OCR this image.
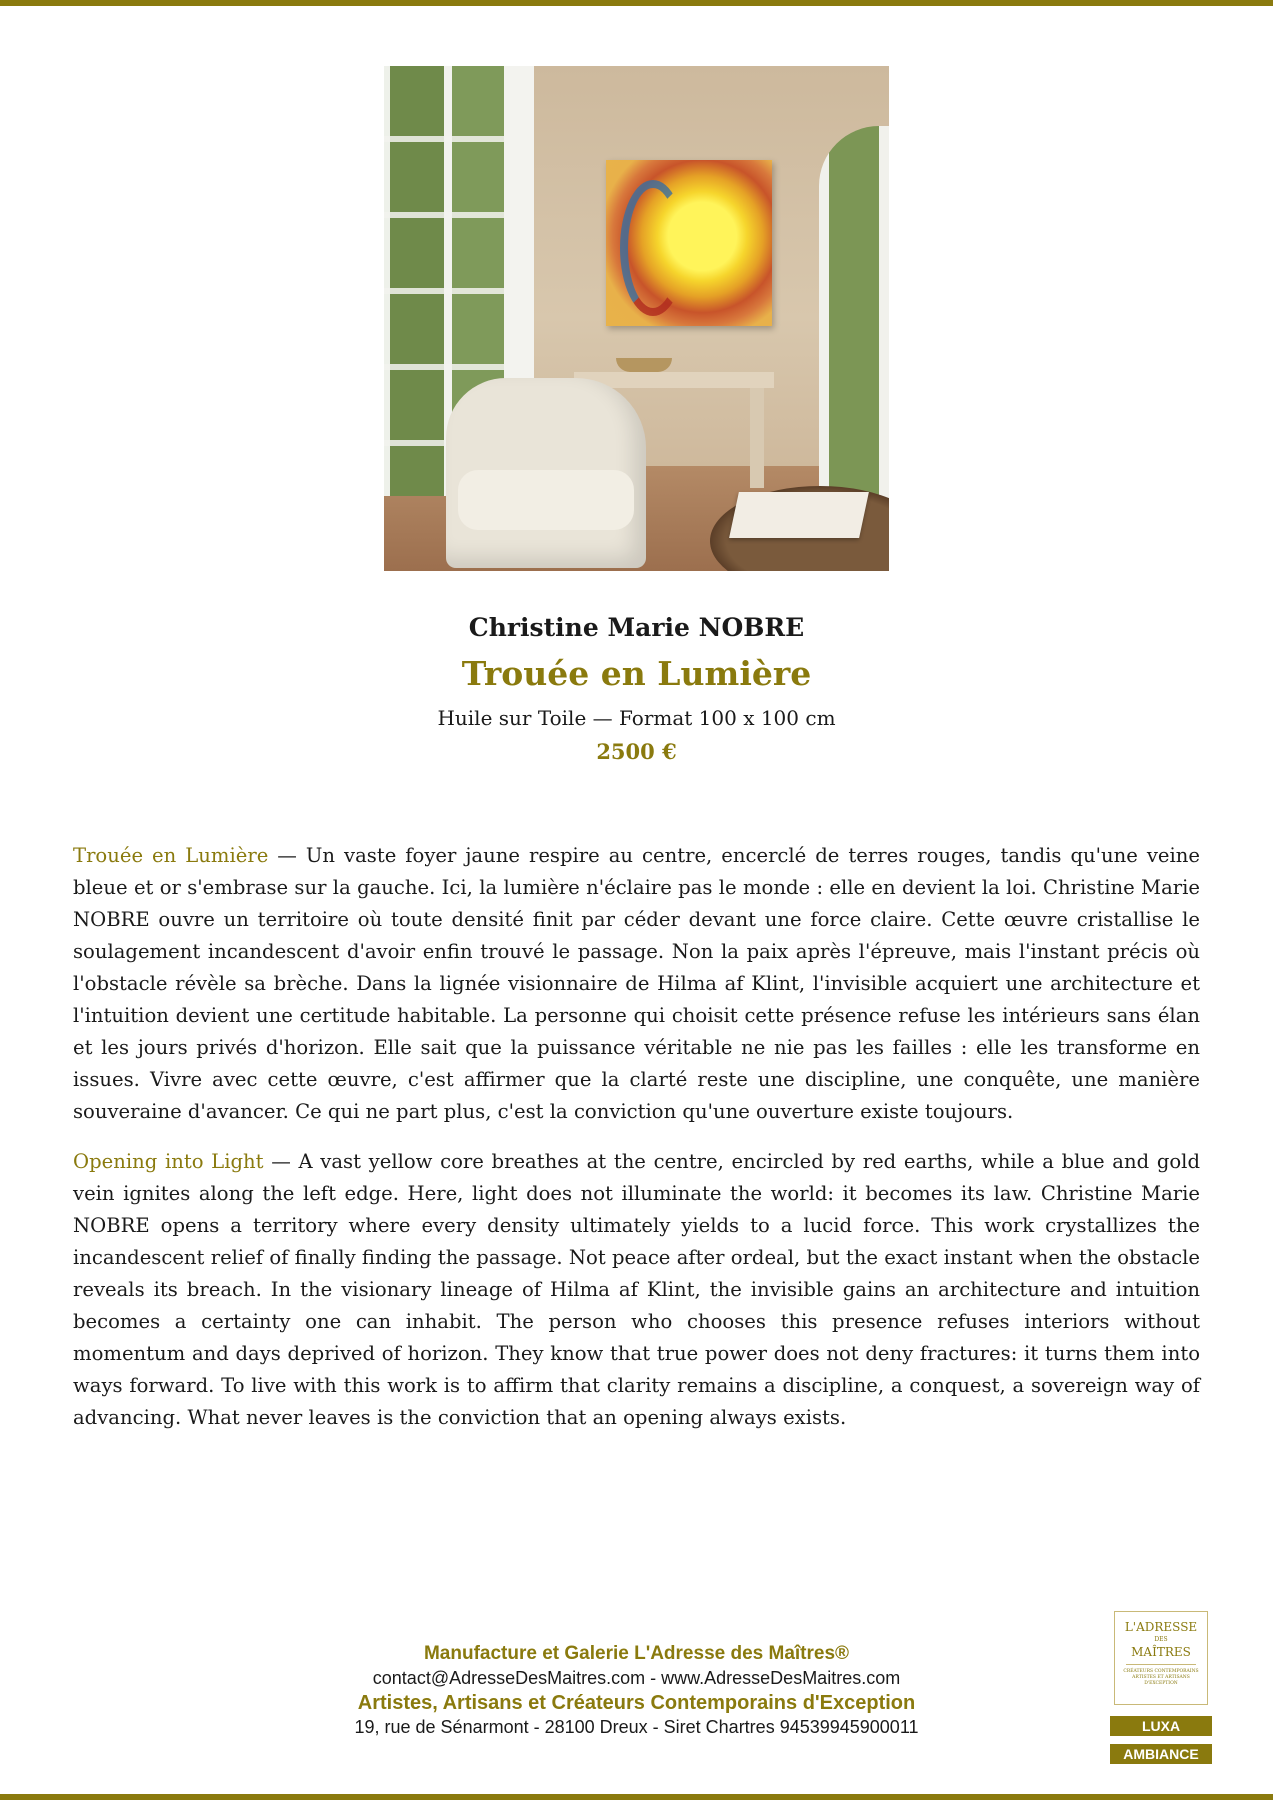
Christine Marie NOBRE
Trouée en Lumière
Huile sur Toile — Format 100 x 100 cm
2500 €

Trouée en Lumière — Un vaste foyer jaune respire au centre, encerclé de terres rouges, tandis qu'une veine bleue et or s'embrase sur la gauche. Ici, la lumière n'éclaire pas le monde : elle en devient la loi. Christine Marie NOBRE ouvre un territoire où toute densité finit par céder devant une force claire. Cette œuvre cristallise le soulagement incandescent d'avoir enfin trouvé le passage. Non la paix après l'épreuve, mais l'instant précis où l'obstacle révèle sa brèche. Dans la lignée visionnaire de Hilma af Klint, l'invisible acquiert une architecture et l'intuition devient une certitude habitable. La personne qui choisit cette présence refuse les intérieurs sans élan et les jours privés d'horizon. Elle sait que la puissance véritable ne nie pas les failles : elle les transforme en issues. Vivre avec cette œuvre, c'est affirmer que la clarté reste une discipline, une conquête, une manière souveraine d'avancer. Ce qui ne part plus, c'est la conviction qu'une ouverture existe toujours.

Opening into Light — A vast yellow core breathes at the centre, encircled by red earths, while a blue and gold vein ignites along the left edge. Here, light does not illuminate the world: it becomes its law. Christine Marie NOBRE opens a territory where every density ultimately yields to a lucid force. This work crystallizes the incandescent relief of finally finding the passage. Not peace after ordeal, but the exact instant when the obstacle reveals its breach. In the visionary lineage of Hilma af Klint, the invisible gains an architecture and intuition becomes a certainty one can inhabit. The person who chooses this presence refuses interiors without momentum and days deprived of horizon. They know that true power does not deny fractures: it turns them into ways forward. To live with this work is to affirm that clarity remains a discipline, a conquest, a sovereign way of advancing. What never leaves is the conviction that an opening always exists.

Manufacture et Galerie L'Adresse des Maîtres®
contact@AdresseDesMaitres.com - www.AdresseDesMaitres.com
Artistes, Artisans et Créateurs Contemporains d'Exception
19, rue de Sénarmont - 28100 Dreux - Siret Chartres 94539945900011
L'ADRESSE
DES
MAÎTRES
CRÉATEURS CONTEMPORAINS ARTISTES ET ARTISANS D'EXCEPTION
LUXA
AMBIANCE
